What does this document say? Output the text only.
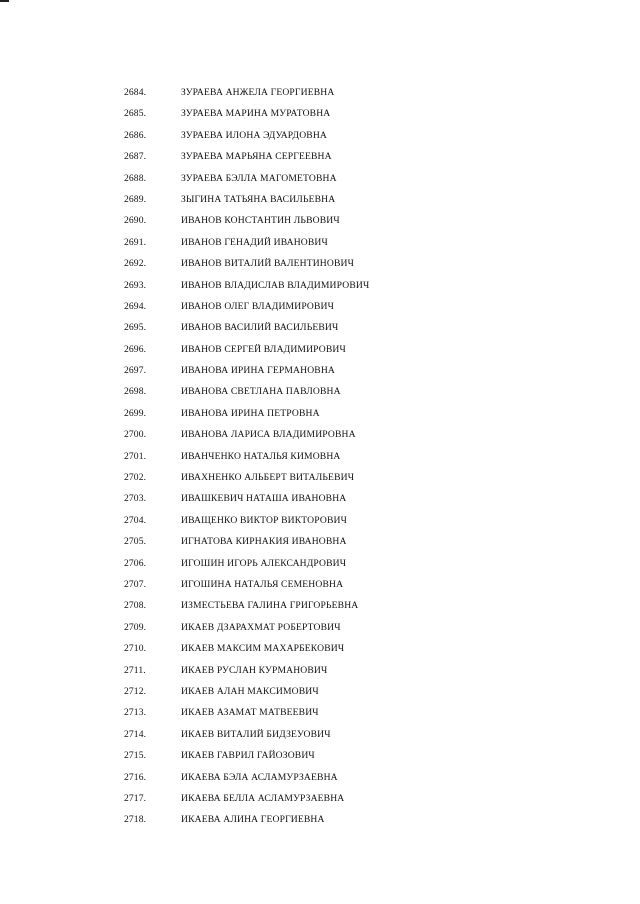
2684.	ЗУРАЕВА АНЖЕЛА ГЕОРГИЕВНА
2685.	ЗУРАЕВА МАРИНА МУРАТОВНА
2686.	ЗУРАЕВА ИЛОНА ЭДУАРДОВНА
2687.	ЗУРАЕВА МАРЬЯНА СЕРГЕЕВНА
2688.	ЗУРАЕВА БЭЛЛА МАГОМЕТОВНА
2689.	ЗЫГИНА ТАТЬЯНА ВАСИЛЬЕВНА
2690.	ИВАНОВ КОНСТАНТИН ЛЬВОВИЧ
2691.	ИВАНОВ ГЕНАДИЙ ИВАНОВИЧ
2692.	ИВАНОВ ВИТАЛИЙ ВАЛЕНТИНОВИЧ
2693.	ИВАНОВ ВЛАДИСЛАВ ВЛАДИМИРОВИЧ
2694.	ИВАНОВ ОЛЕГ ВЛАДИМИРОВИЧ
2695.	ИВАНОВ ВАСИЛИЙ ВАСИЛЬЕВИЧ
2696.	ИВАНОВ СЕРГЕЙ ВЛАДИМИРОВИЧ
2697.	ИВАНОВА ИРИНА ГЕРМАНОВНА
2698.	ИВАНОВА СВЕТЛАНА ПАВЛОВНА
2699.	ИВАНОВА ИРИНА ПЕТРОВНА
2700.	ИВАНОВА ЛАРИСА ВЛАДИМИРОВНА
2701.	ИВАНЧЕНКО НАТАЛЬЯ КИМОВНА
2702.	ИВАХНЕНКО АЛЬБЕРТ ВИТАЛЬЕВИЧ
2703.	ИВАШКЕВИЧ НАТАША ИВАНОВНА
2704.	ИВАЩЕНКО ВИКТОР ВИКТОРОВИЧ
2705.	ИГНАТОВА КИРНАКИЯ ИВАНОВНА
2706.	ИГОШИН ИГОРЬ АЛЕКСАНДРОВИЧ
2707.	ИГОШИНА НАТАЛЬЯ СЕМЕНОВНА
2708.	ИЗМЕСТЬЕВА ГАЛИНА ГРИГОРЬЕВНА
2709.	ИКАЕВ ДЗАРАХМАТ РОБЕРТОВИЧ
2710.	ИКАЕВ МАКСИМ МАХАРБЕКОВИЧ
2711.	ИКАЕВ РУСЛАН КУРМАНОВИЧ
2712.	ИКАЕВ АЛАН МАКСИМОВИЧ
2713.	ИКАЕВ АЗАМАТ МАТВЕЕВИЧ
2714.	ИКАЕВ ВИТАЛИЙ БИДЗЕУОВИЧ
2715.	ИКАЕВ ГАВРИЛ ГАЙОЗОВИЧ
2716.	ИКАЕВА БЭЛА АСЛАМУРЗАЕВНА
2717.	ИКАЕВА БЕЛЛА АСЛАМУРЗАЕВНА
2718.	ИКАЕВА АЛИНА ГЕОРГИЕВНА
